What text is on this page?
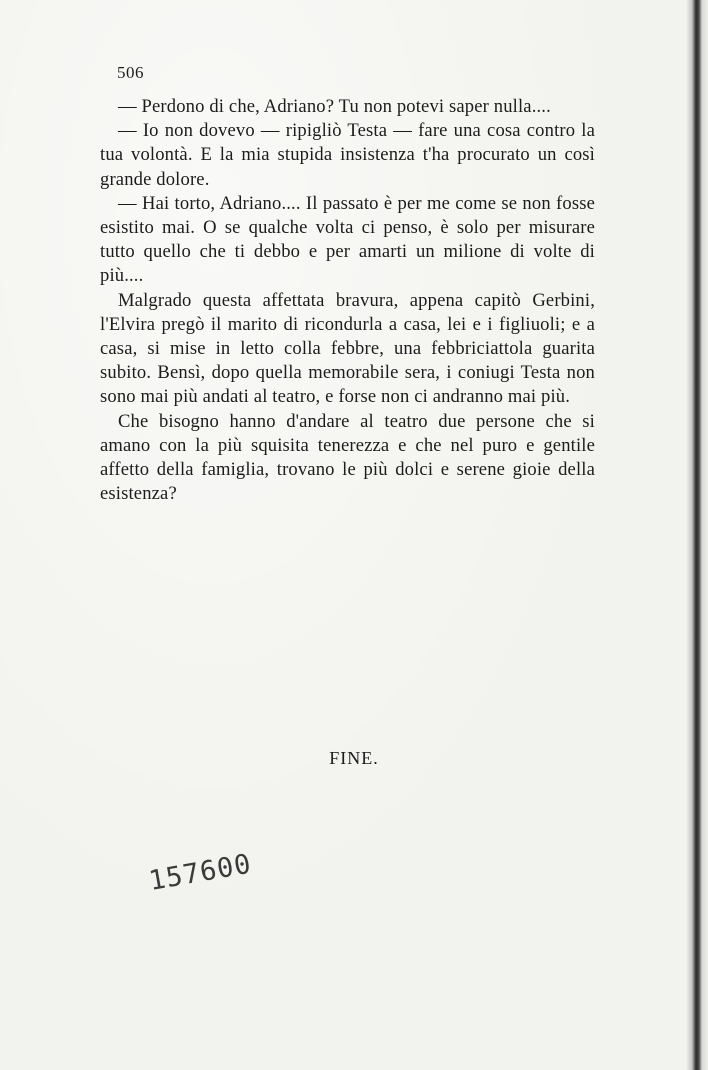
506

— Perdono di che, Adriano? Tu non potevi saper nulla....

— Io non dovevo — ripigliò Testa — fare una cosa contro la tua volontà. E la mia stupida insistenza t'ha procurato un così grande dolore.

— Hai torto, Adriano.... Il passato è per me come se non fosse esistito mai. O se qualche volta ci penso, è solo per misurare tutto quello che ti debbo e per amarti un milione di volte di più....

Malgrado questa affettata bravura, appena capitò Gerbini, l'Elvira pregò il marito di ricondurla a casa, lei e i figliuoli; e a casa, si mise in letto colla febbre, una febbriciattola guarita subito. Bensì, dopo quella memorabile sera, i coniugi Testa non sono mai più andati al teatro, e forse non ci andranno mai più.

Che bisogno hanno d'andare al teatro due persone che si amano con la più squisita tenerezza e che nel puro e gentile affetto della famiglia, trovano le più dolci e serene gioie della esistenza?

FINE.
157600
